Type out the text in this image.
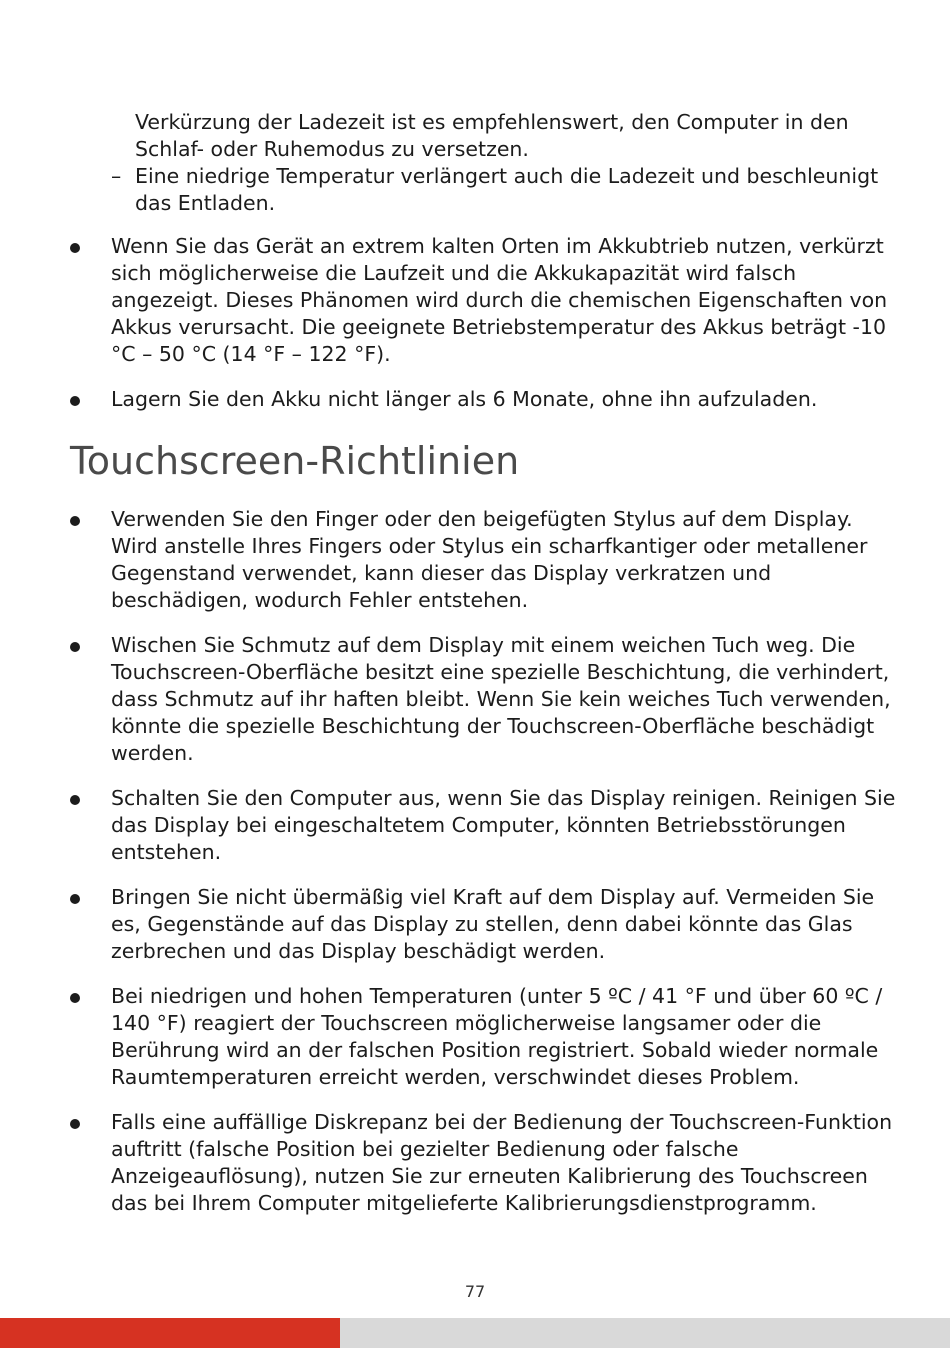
Verkürzung der Ladezeit ist es empfehlenswert, den Computer in den
Schlaf- oder Ruhemodus zu versetzen.
– Eine niedrige Temperatur verlängert auch die Ladezeit und beschleunigt das Entladen.
Wenn Sie das Gerät an extrem kalten Orten im Akkubtrieb nutzen, verkürzt sich möglicherweise die Laufzeit und die Akkukapazität wird falsch angezeigt. Dieses Phänomen wird durch die chemischen Eigenschaften von Akkus verursacht. Die geeignete Betriebstemperatur des Akkus beträgt -10 °C – 50 °C (14 °F – 122 °F).
Lagern Sie den Akku nicht länger als 6 Monate, ohne ihn aufzuladen.
Touchscreen-Richtlinien
Verwenden Sie den Finger oder den beigefügten Stylus auf dem Display. Wird anstelle Ihres Fingers oder Stylus ein scharfkantiger oder metallener Gegenstand verwendet, kann dieser das Display verkratzen und beschädigen, wodurch Fehler entstehen.
Wischen Sie Schmutz auf dem Display mit einem weichen Tuch weg. Die Touchscreen-Oberfläche besitzt eine spezielle Beschichtung, die verhindert, dass Schmutz auf ihr haften bleibt. Wenn Sie kein weiches Tuch verwenden, könnte die spezielle Beschichtung der Touchscreen-Oberfläche beschädigt werden.
Schalten Sie den Computer aus, wenn Sie das Display reinigen. Reinigen Sie das Display bei eingeschaltetem Computer, könnten Betriebsstörungen entstehen.
Bringen Sie nicht übermäßig viel Kraft auf dem Display auf. Vermeiden Sie es, Gegenstände auf das Display zu stellen, denn dabei könnte das Glas zerbrechen und das Display beschädigt werden.
Bei niedrigen und hohen Temperaturen (unter 5 ºC / 41 °F und über 60 ºC / 140 °F) reagiert der Touchscreen möglicherweise langsamer oder die Berührung wird an der falschen Position registriert. Sobald wieder normale Raumtemperaturen erreicht werden, verschwindet dieses Problem.
Falls eine auffällige Diskrepanz bei der Bedienung der Touchscreen-Funktion auftritt (falsche Position bei gezielter Bedienung oder falsche Anzeigeauflösung), nutzen Sie zur erneuten Kalibrierung des Touchscreen das bei Ihrem Computer mitgelieferte Kalibrierungsdienstprogramm.
77
